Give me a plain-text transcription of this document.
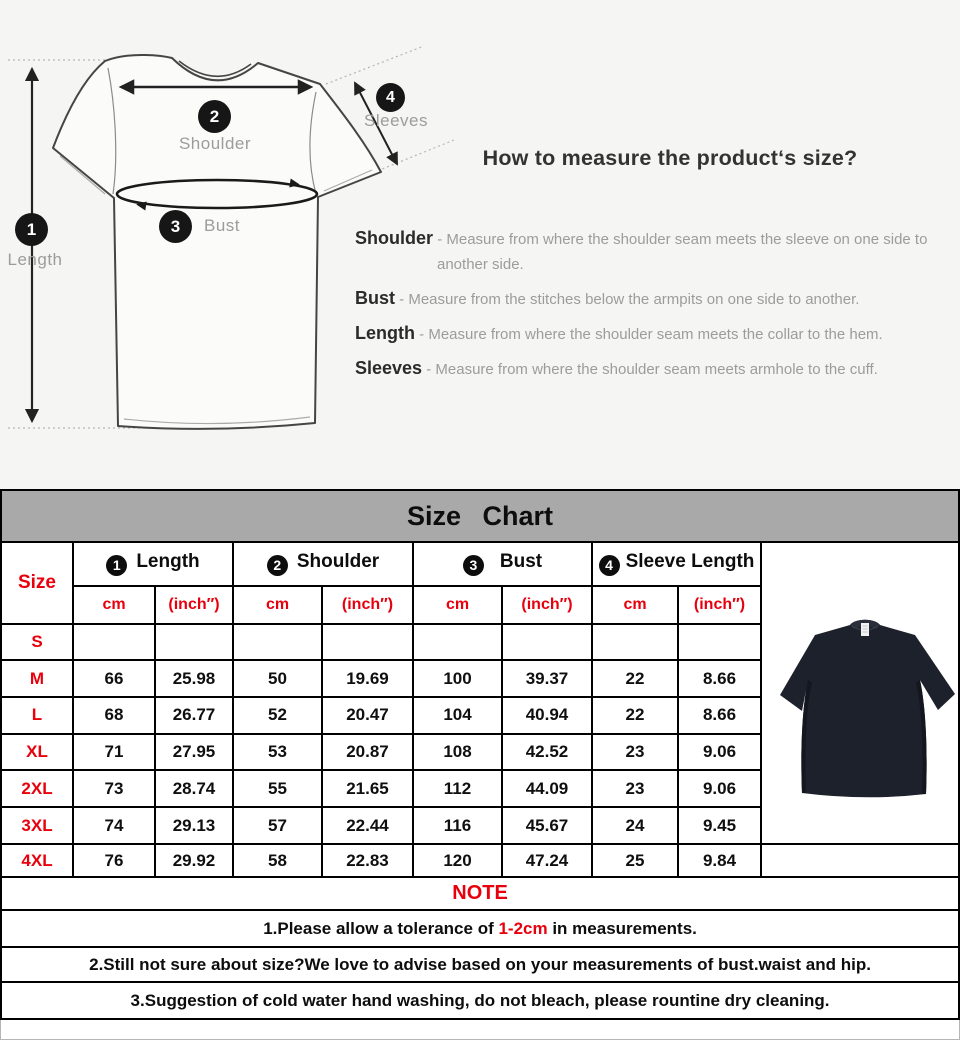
1
2
3
4
Length
Shoulder
Bust
Sleeves
How to measure the product‘s size?

Shoulder - Measure from where the shoulder seam meets the sleeve on one side to another side.

Bust - Measure from the stitches below the armpits on one side to another.

Length - Measure from where the shoulder seam meets the collar to the hem.

Sleeves - Measure from where the shoulder seam meets armhole to the cuff.

Size Chart									
Size	1 Length		2 Shoulder		3 Bust		4 Sleeve Length	

	cm	(inch″)	cm	(inch″)	cm	(inch″)	cm	(inch″)	
S									
M	66	25.98	50	19.69	100	39.37	22	8.66	
L	68	26.77	52	20.47	104	40.94	22	8.66	
XL	71	27.95	53	20.87	108	42.52	23	9.06	
2XL	73	28.74	55	21.65	112	44.09	23	9.06	
3XL	74	29.13	57	22.44	116	45.67	24	9.45	
4XL	76	29.92	58	22.83	120	47.24	25	9.84	
NOTE									
1.Please allow a tolerance of 1-2cm in measurements.									
2.Still not sure about size?We love to advise based on your measurements of bust.waist and hip.									
3.Suggestion of cold water hand washing, do not bleach, please rountine dry cleaning.									
